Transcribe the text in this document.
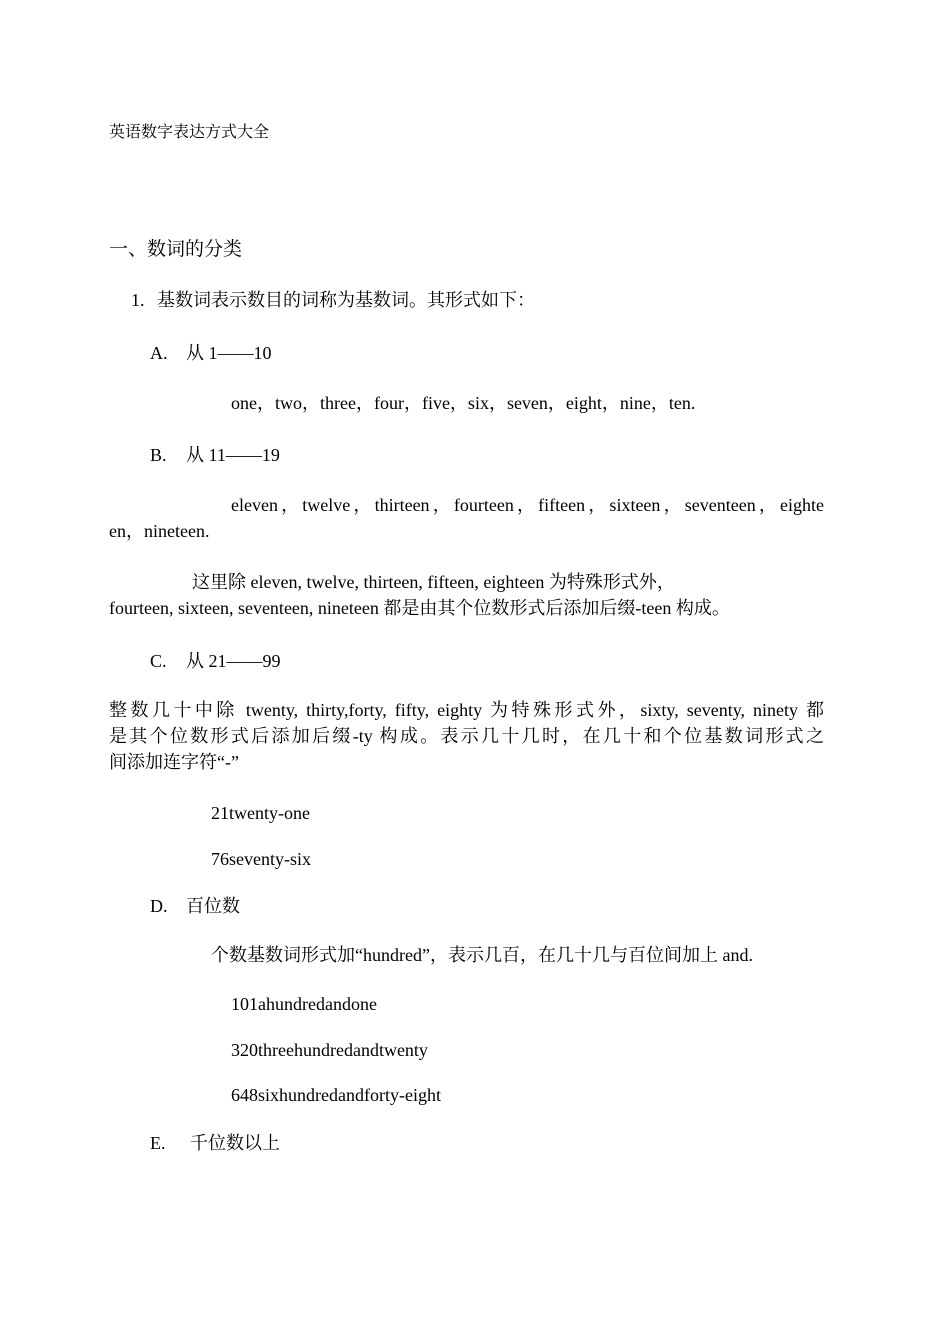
英语数字表达方式大全
一、数词的分类
1. 基数词表示数目的词称为基数词。其形式如下：
A. 从 1——10
one，two，three，four，five，six，seven，eight，nine，ten.
B. 从 11——19
eleven，twelve，thirteen，fourteen，fifteen，sixteen，seventeen，eighte
en，nineteen.
这里除 eleven, twelve, thirteen, fifteen, eighteen 为特殊形式外，
fourteen, sixteen, seventeen, nineteen 都是由其个位数形式后添加后缀-teen 构成。
C. 从 21——99
整数几十中除 twenty, thirty,forty, fifty, eighty 为特殊形式外，sixty, seventy, ninety 都
是其个位数形式后添加后缀-ty 构成。表示几十几时，在几十和个位基数词形式之
间添加连字符“-”
21twenty-one
76seventy-six
D. 百位数
个数基数词形式加“hundred”，表示几百，在几十几与百位间加上 and.
101ahundredandone
320threehundredandtwenty
648sixhundredandforty-eight
E. 千位数以上
